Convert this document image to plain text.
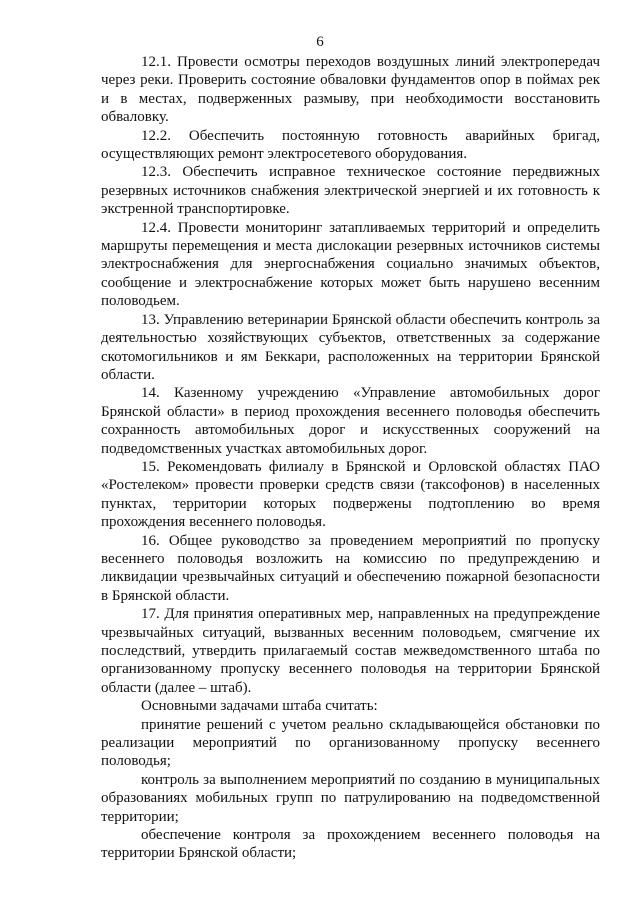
6

12.1. Провести осмотры переходов воздушных линий электропередач через реки. Проверить состояние обваловки фундаментов опор в поймах рек и в местах, подверженных размыву, при необходимости восстановить обваловку.

12.2. Обеспечить постоянную готовность аварийных бригад, осуществляющих ремонт электросетевого оборудования.

12.3. Обеспечить исправное техническое состояние передвижных резервных источников снабжения электрической энергией и их готовность к экстренной транспортировке.

12.4. Провести мониторинг затапливаемых территорий и определить маршруты перемещения и места дислокации резервных источников системы электроснабжения для энергоснабжения социально значимых объектов, сообщение и электроснабжение которых может быть нарушено весенним половодьем.

13. Управлению ветеринарии Брянской области обеспечить контроль за деятельностью хозяйствующих субъектов, ответственных за содержание скотомогильников и ям Беккари, расположенных на территории Брянской области.

14. Казенному учреждению «Управление автомобильных дорог Брянской области» в период прохождения весеннего половодья обеспечить сохранность автомобильных дорог и искусственных сооружений на подведомственных участках автомобильных дорог.

15. Рекомендовать филиалу в Брянской и Орловской областях ПАО «Ростелеком» провести проверки средств связи (таксофонов) в населенных пунктах, территории которых подвержены подтоплению во время прохождения весеннего половодья.

16. Общее руководство за проведением мероприятий по пропуску весеннего половодья возложить на комиссию по предупреждению и ликвидации чрезвычайных ситуаций и обеспечению пожарной безопасности в Брянской области.

17. Для принятия оперативных мер, направленных на предупреждение чрезвычайных ситуаций, вызванных весенним половодьем, смягчение их последствий, утвердить прилагаемый состав межведомственного штаба по организованному пропуску весеннего половодья на территории Брянской области (далее – штаб).

Основными задачами штаба считать:

принятие решений с учетом реально складывающейся обстановки по реализации мероприятий по организованному пропуску весеннего половодья;

контроль за выполнением мероприятий по созданию в муниципальных образованиях мобильных групп по патрулированию на подведомственной территории;

обеспечение контроля за прохождением весеннего половодья на территории Брянской области;
